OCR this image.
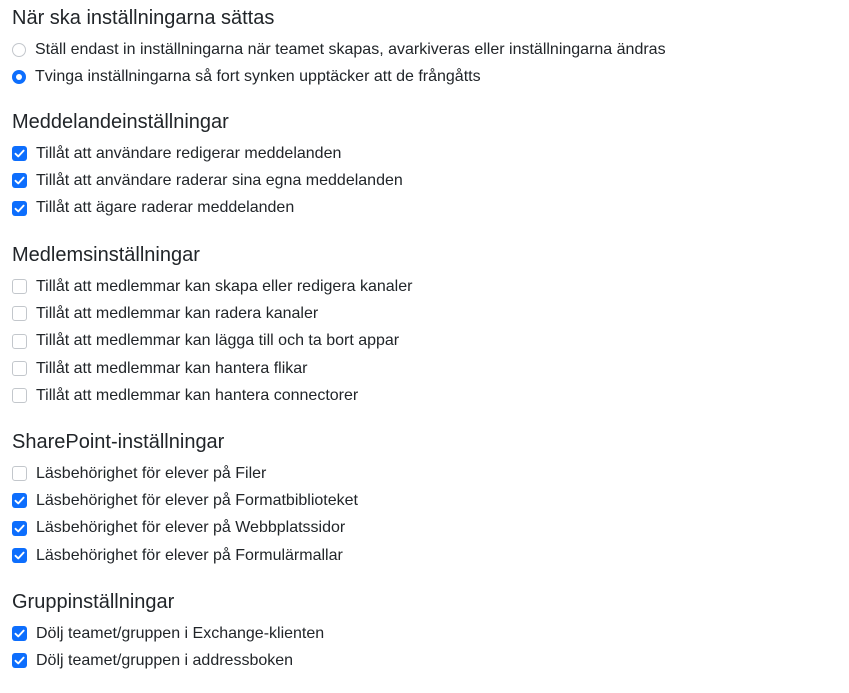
När ska inställningarna sättas
Ställ endast in inställningarna när teamet skapas, avarkiveras eller inställningarna ändras
Tvinga inställningarna så fort synken upptäcker att de frångåtts
Meddelandeinställningar
Tillåt att användare redigerar meddelanden
Tillåt att användare raderar sina egna meddelanden
Tillåt att ägare raderar meddelanden
Medlemsinställningar
Tillåt att medlemmar kan skapa eller redigera kanaler
Tillåt att medlemmar kan radera kanaler
Tillåt att medlemmar kan lägga till och ta bort appar
Tillåt att medlemmar kan hantera flikar
Tillåt att medlemmar kan hantera connectorer
SharePoint-inställningar
Läsbehörighet för elever på Filer
Läsbehörighet för elever på Formatbiblioteket
Läsbehörighet för elever på Webbplatssidor
Läsbehörighet för elever på Formulärmallar
Gruppinställningar
Dölj teamet/gruppen i Exchange-klienten
Dölj teamet/gruppen i addressboken
